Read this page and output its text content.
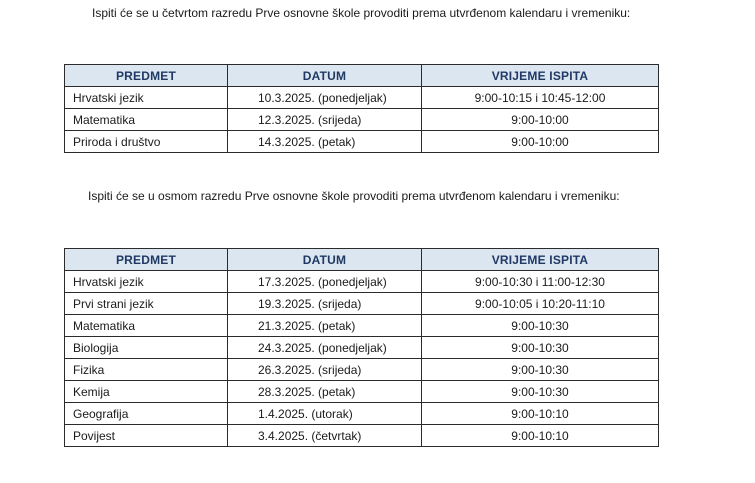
Ispiti će se u četvrtom razredu Prve osnovne škole provoditi prema utvrđenom kalendaru i vremeniku:

PREDMET	DATUM	VRIJEME ISPITA
Hrvatski jezik	10.3.2025. (ponedjeljak)	9:00-10:15 i 10:45-12:00
Matematika	12.3.2025. (srijeda)	9:00-10:00
Priroda i društvo	14.3.2025. (petak)	9:00-10:00

Ispiti će se u osmom razredu Prve osnovne škole provoditi prema utvrđenom kalendaru i vremeniku:

PREDMET	DATUM	VRIJEME ISPITA
Hrvatski jezik	17.3.2025. (ponedjeljak)	9:00-10:30 i 11:00-12:30
Prvi strani jezik	19.3.2025. (srijeda)	9:00-10:05 i 10:20-11:10
Matematika	21.3.2025. (petak)	9:00-10:30
Biologija	24.3.2025. (ponedjeljak)	9:00-10:30
Fizika	26.3.2025. (srijeda)	9:00-10:30
Kemija	28.3.2025. (petak)	9:00-10:30
Geografija	1.4.2025. (utorak)	9:00-10:10
Povijest	3.4.2025. (četvrtak)	9:00-10:10
